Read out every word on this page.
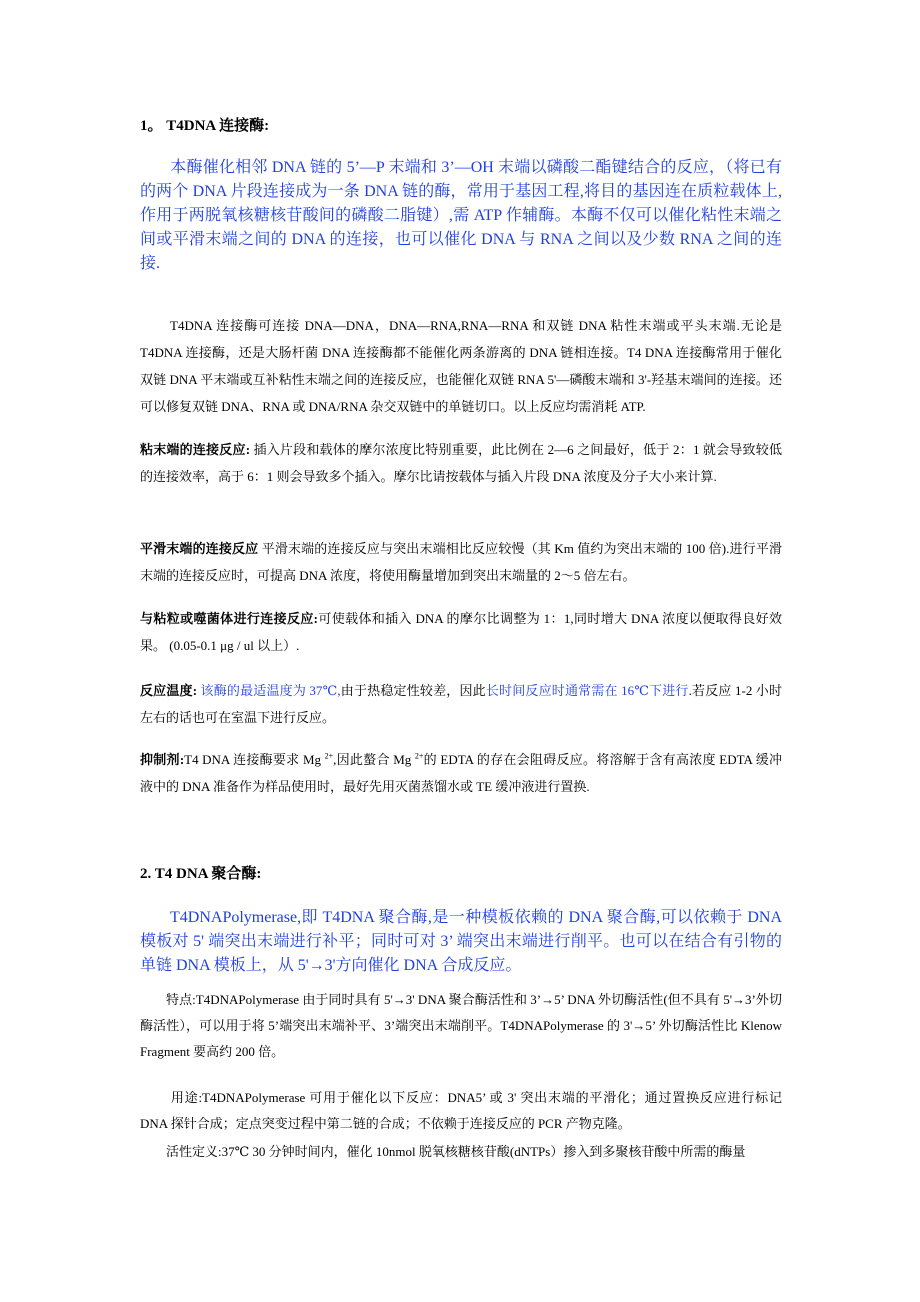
1。 T4DNA 连接酶:

本酶催化相邻 DNA 链的 5’—P 末端和 3’—OH 末端以磷酸二酯键结合的反应，（将已有的两个 DNA 片段连接成为一条 DNA 链的酶，常用于基因工程,将目的基因连在质粒载体上,作用于两脱氧核糖核苷酸间的磷酸二脂键）,需 ATP 作辅酶。本酶不仅可以催化粘性末端之间或平滑末端之间的 DNA 的连接，也可以催化 DNA 与 RNA 之间以及少数 RNA 之间的连接.

T4DNA 连接酶可连接 DNA—DNA，DNA—RNA,RNA—RNA 和双链 DNA 粘性末端或平头末端.无论是 T4DNA 连接酶，还是大肠杆菌 DNA 连接酶都不能催化两条游离的 DNA 链相连接。T4 DNA 连接酶常用于催化双链 DNA 平末端或互补粘性末端之间的连接反应，也能催化双链 RNA 5'—磷酸末端和 3'-羟基末端间的连接。还可以修复双链 DNA、RNA 或 DNA/RNA 杂交双链中的单链切口。以上反应均需消耗 ATP.

粘末端的连接反应: 插入片段和载体的摩尔浓度比特别重要，此比例在 2—6 之间最好，低于 2：1 就会导致较低的连接效率，高于 6：1 则会导致多个插入。摩尔比请按载体与插入片段 DNA 浓度及分子大小来计算.

平滑末端的连接反应 平滑末端的连接反应与突出末端相比反应较慢（其 Km 值约为突出末端的 100 倍).进行平滑末端的连接反应时，可提高 DNA 浓度，将使用酶量增加到突出末端量的 2～5 倍左右。

与粘粒或噬菌体进行连接反应:可使载体和插入 DNA 的摩尔比调整为 1：1,同时增大 DNA 浓度以便取得良好效果。 (0.05-0.1 μg / ul 以上）.

反应温度: 该酶的最适温度为 37℃,由于热稳定性较差，因此长时间反应时通常需在 16℃下进行.若反应 1-2 小时左右的话也可在室温下进行反应。

抑制剂:T4 DNA 连接酶要求 Mg $^{2+}$,因此螯合 Mg $^{2+}$的 EDTA 的存在会阻碍反应。将溶解于含有高浓度 EDTA 缓冲液中的 DNA 准备作为样品使用时，最好先用灭菌蒸馏水或 TE 缓冲液进行置换.

2. T4 DNA 聚合酶:

T4DNAPolymerase,即 T4DNA 聚合酶,是一种模板依赖的 DNA 聚合酶,可以依赖于 DNA 模板对 5' 端突出末端进行补平；同时可对 3’ 端突出末端进行削平。也可以在结合有引物的单链 DNA 模板上，从 5'→3'方向催化 DNA 合成反应。

特点:T4DNAPolymerase 由于同时具有 5'→3' DNA 聚合酶活性和 3’→5’ DNA 外切酶活性(但不具有 5'→3’外切酶活性），可以用于将 5’端突出末端补平、3’端突出末端削平。T4DNAPolymerase 的 3'→5’ 外切酶活性比 Klenow Fragment 要高约 200 倍。

用途:T4DNAPolymerase 可用于催化以下反应：DNA5’ 或 3' 突出末端的平滑化；通过置换反应进行标记 DNA 探针合成；定点突变过程中第二链的合成；不依赖于连接反应的 PCR 产物克隆。

活性定义:37℃ 30 分钟时间内，催化 10nmol 脱氧核糖核苷酸(dNTPs）掺入到多聚核苷酸中所需的酶量
